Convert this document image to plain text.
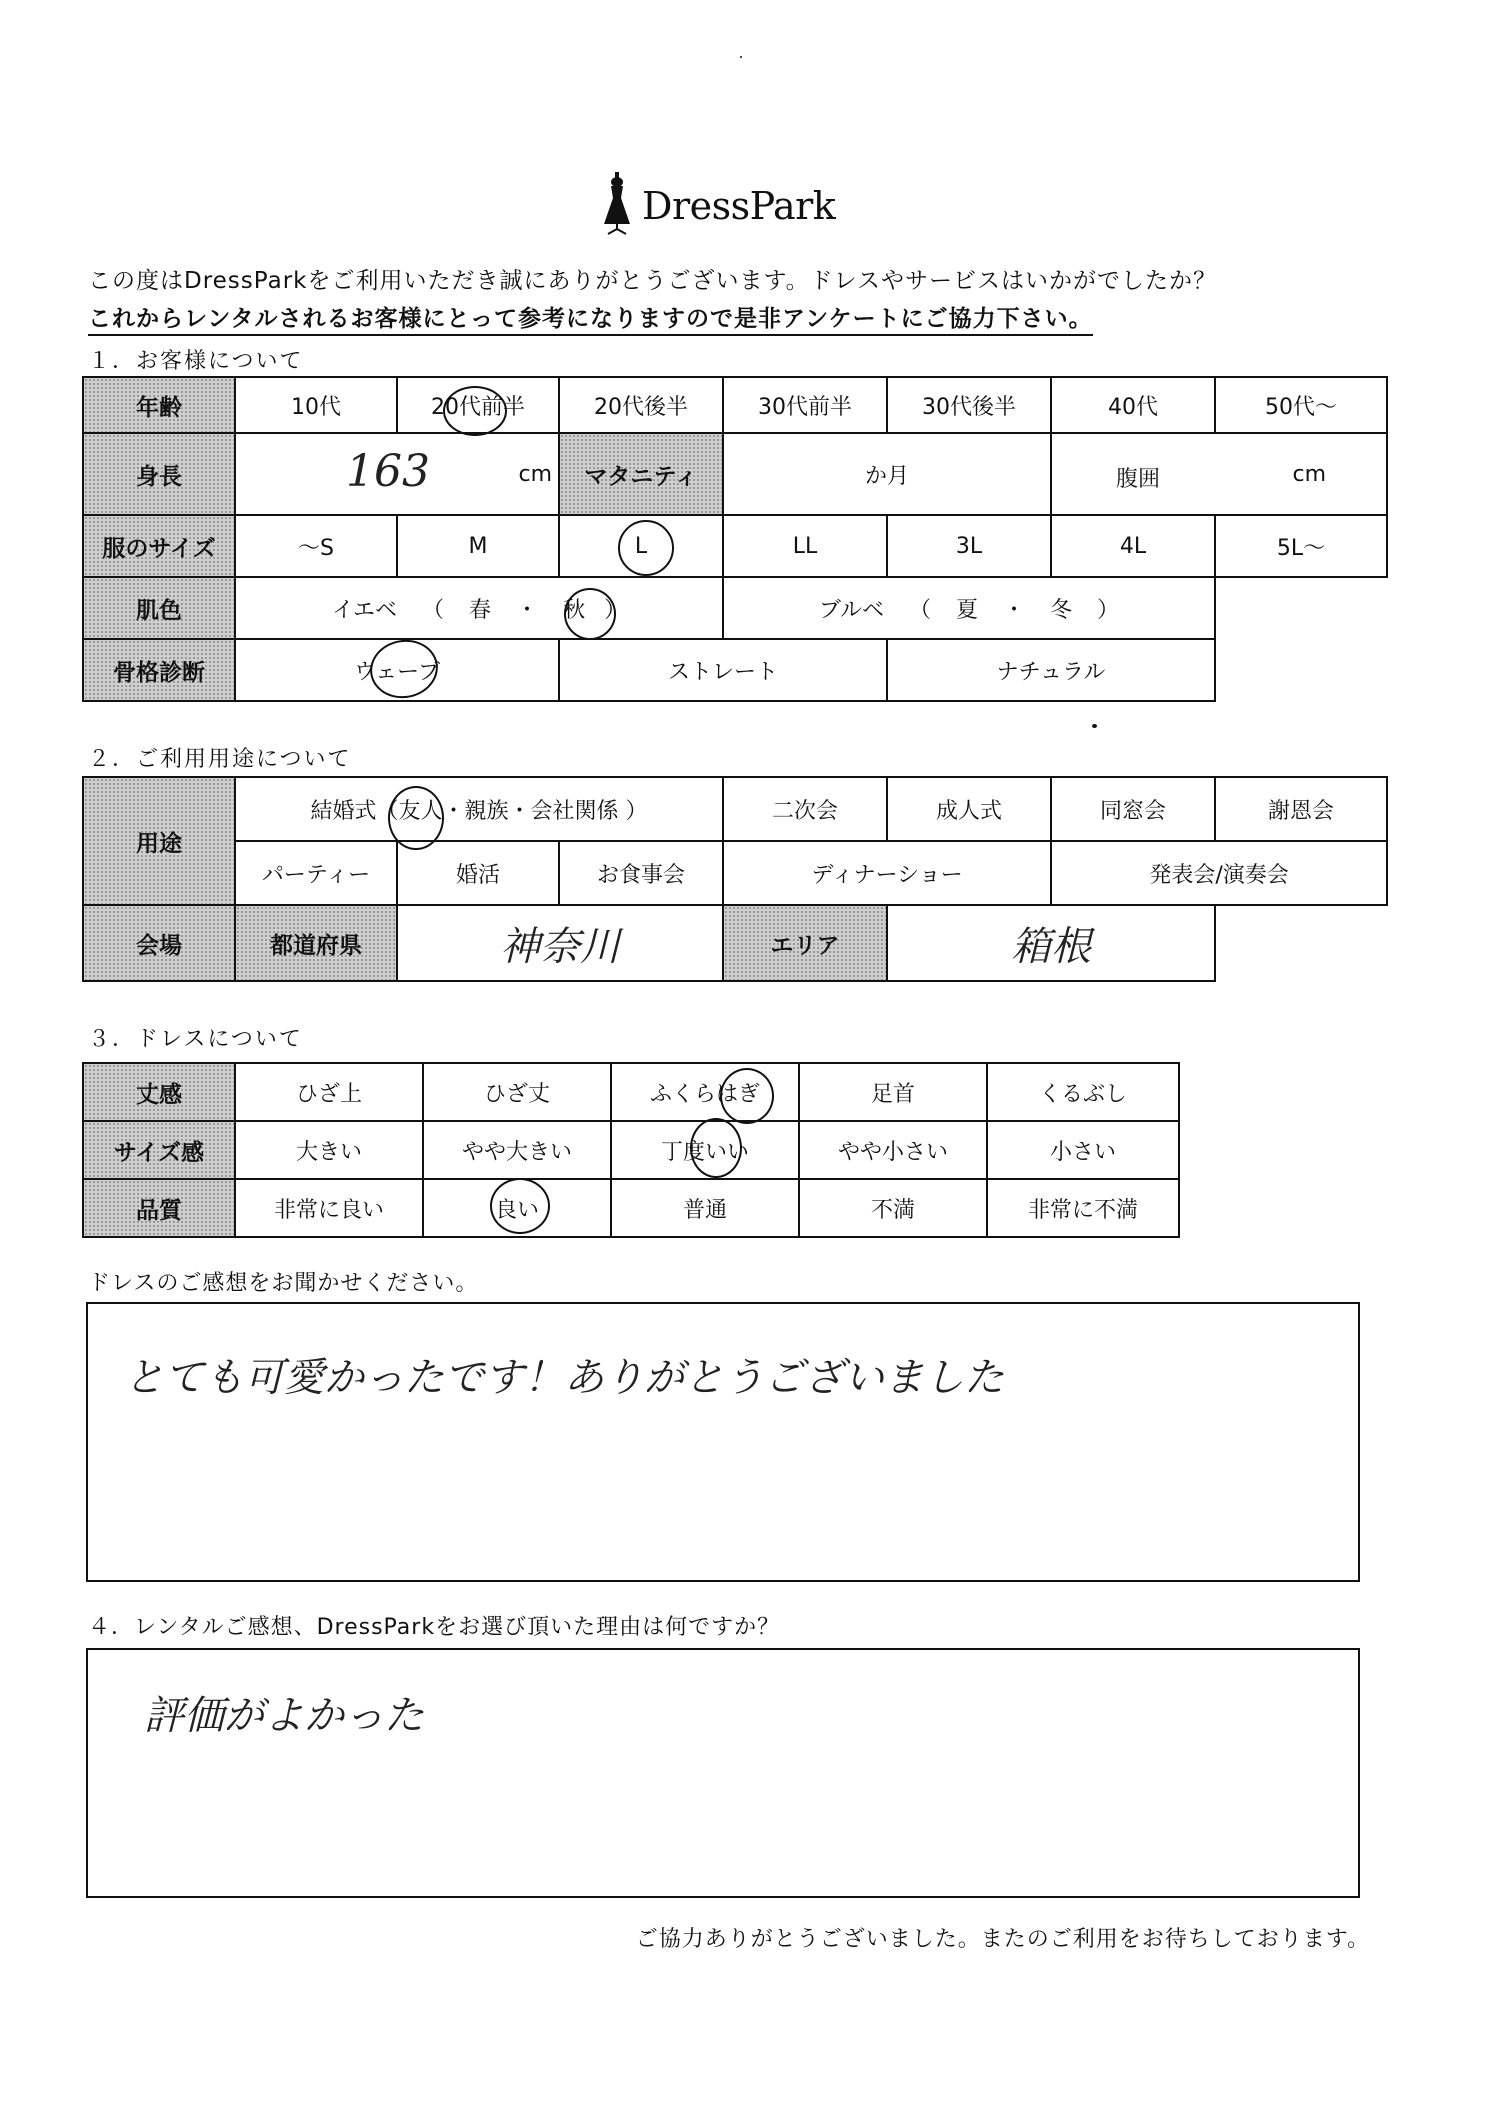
DressPark
この度はDressParkをご利用いただき誠にありがとうございます。ドレスやサービスはいかがでしたか？
これからレンタルされるお客様にとって参考になりますので是非アンケートにご協力下さい。
１．お客様について
年齢	10代	20代前半	20代後半	30代前半	30代後半	40代	50代～
身長	163 cm		マタニティ	か月		腹囲 cm	

服のサイズ	～S	M	L	LL	3L	4L	5L～
肌色	イエベ （ 春 ・ 秋 ）			ブルベ （ 夏 ・ 冬 ）			
骨格診断	ウェーブ		ストレート		ナチュラル		
２．ご利用用途について
用途	結婚式（友人・親族・会社関係 ）			二次会	成人式	同窓会	謝恩会
	パーティー	婚活	お食事会	ディナーショー		発表会/演奏会	
会場	都道府県	神奈川		エリア	箱根		
３．ドレスについて
丈感	ひざ上	ひざ丈	ふくらはぎ	足首	くるぶし
サイズ感	大きい	やや大きい	丁度いい	やや小さい	小さい
品質	非常に良い	良い	普通	不満	非常に不満
ドレスのご感想をお聞かせください。
とても可愛かったです！ありがとうございました
４．レンタルご感想、DressParkをお選び頂いた理由は何ですか？
評価がよかった
ご協力ありがとうございました。またのご利用をお待ちしております。
